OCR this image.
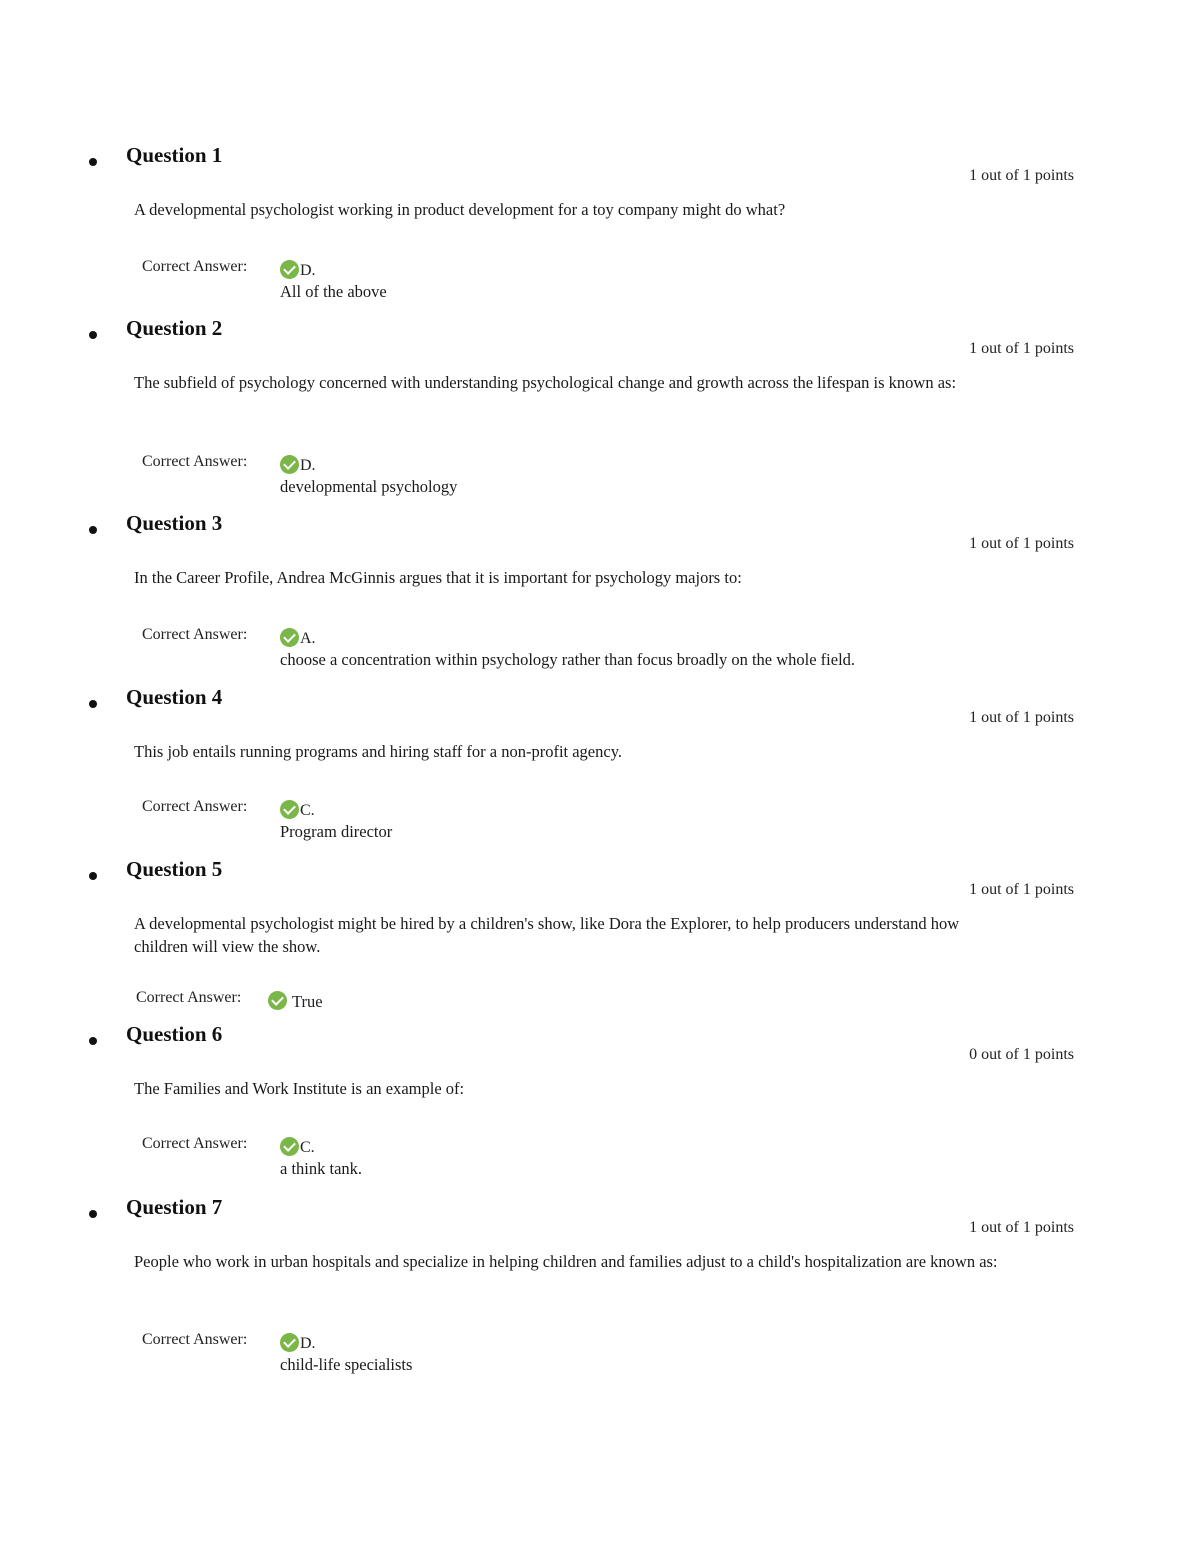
Question 1
1 out of 1 points
A developmental psychologist working in product development for a toy company might do what?
Correct Answer:	D.
All of the above
Question 2
1 out of 1 points
The subfield of psychology concerned with understanding psychological change and growth across the lifespan is known as:
Correct Answer:	D.
developmental psychology
Question 3
1 out of 1 points
In the Career Profile, Andrea McGinnis argues that it is important for psychology majors to:
Correct Answer:	A.
choose a concentration within psychology rather than focus broadly on the whole field.
Question 4
1 out of 1 points
This job entails running programs and hiring staff for a non-profit agency.
Correct Answer:	C.
Program director
Question 5
1 out of 1 points
A developmental psychologist might be hired by a children's show, like Dora the Explorer, to help producers understand how children will view the show.
Correct Answer:	True
Question 6
0 out of 1 points
The Families and Work Institute is an example of:
Correct Answer:	C.
a think tank.
Question 7
1 out of 1 points
People who work in urban hospitals and specialize in helping children and families adjust to a child's hospitalization are known as:
Correct Answer:	D.
child-life specialists
